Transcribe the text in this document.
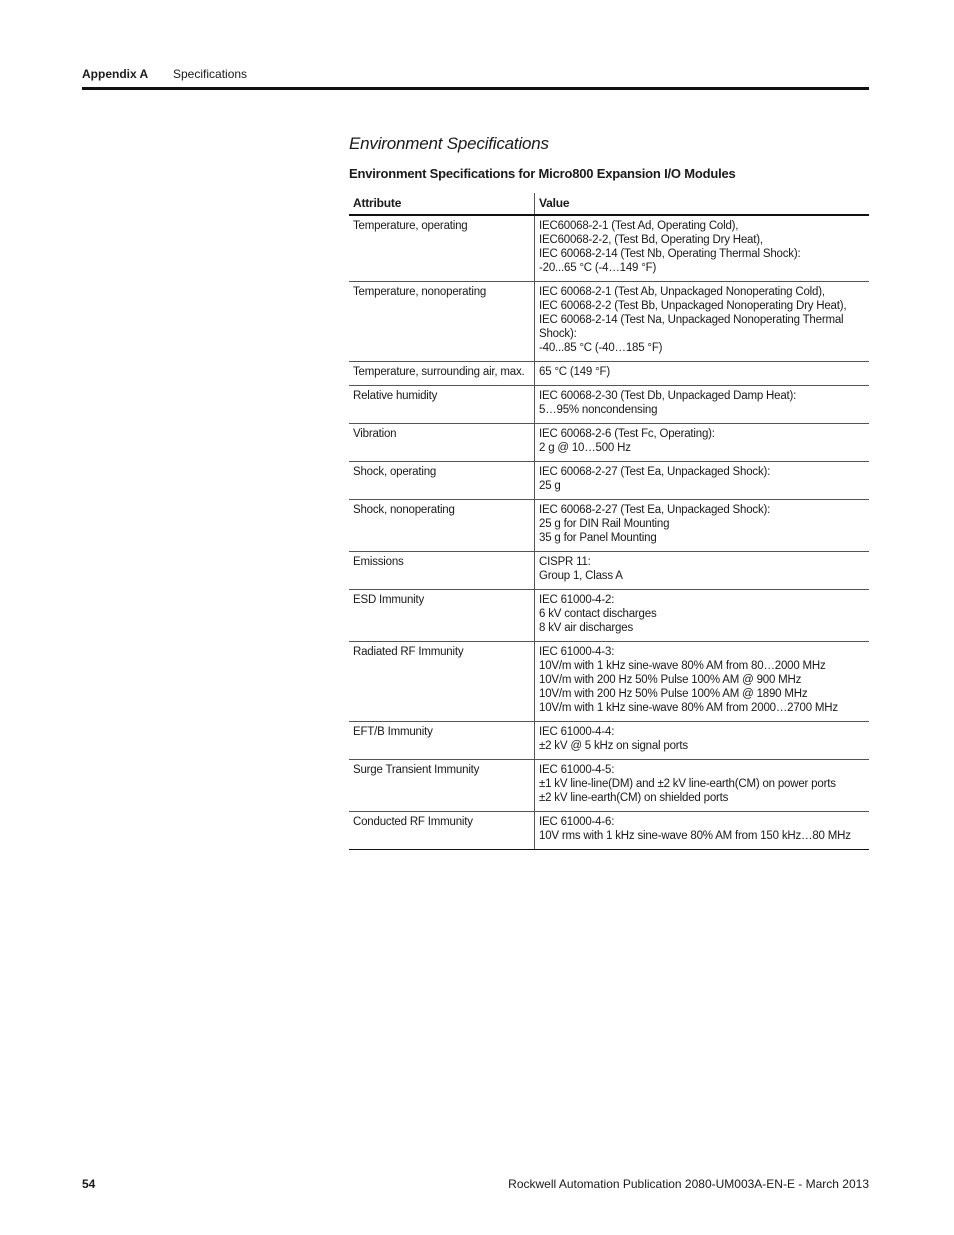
Appendix A Specifications
Environment Specifications
Environment Specifications for Micro800 Expansion I/O Modules
Attribute	Value
Temperature, operating	IEC60068-2-1 (Test Ad, Operating Cold),
IEC60068-2-2, (Test Bd, Operating Dry Heat),
IEC 60068-2-14 (Test Nb, Operating Thermal Shock):
-20...65 °C (-4…149 °F)

Temperature, nonoperating	IEC 60068-2-1 (Test Ab, Unpackaged Nonoperating Cold),
IEC 60068-2-2 (Test Bb, Unpackaged Nonoperating Dry Heat),
IEC 60068-2-14 (Test Na, Unpackaged Nonoperating Thermal Shock):
-40...85 °C (-40…185 °F)

Temperature, surrounding air, max.	65 °C (149 °F)

Relative humidity	IEC 60068-2-30 (Test Db, Unpackaged Damp Heat):
5…95% noncondensing

Vibration	IEC 60068-2-6 (Test Fc, Operating):
2 g @ 10…500 Hz

Shock, operating	IEC 60068-2-27 (Test Ea, Unpackaged Shock):
25 g

Shock, nonoperating	IEC 60068-2-27 (Test Ea, Unpackaged Shock):
25 g for DIN Rail Mounting
35 g for Panel Mounting

Emissions	CISPR 11:
Group 1, Class A

ESD Immunity	IEC 61000-4-2:
6 kV contact discharges
8 kV air discharges

Radiated RF Immunity	IEC 61000-4-3:
10V/m with 1 kHz sine-wave 80% AM from 80…2000 MHz
10V/m with 200 Hz 50% Pulse 100% AM @ 900 MHz
10V/m with 200 Hz 50% Pulse 100% AM @ 1890 MHz
10V/m with 1 kHz sine-wave 80% AM from 2000…2700 MHz

EFT/B Immunity	IEC 61000-4-4:
±2 kV @ 5 kHz on signal ports

Surge Transient Immunity	IEC 61000-4-5:
±1 kV line-line(DM) and ±2 kV line-earth(CM) on power ports
±2 kV line-earth(CM) on shielded ports

Conducted RF Immunity	IEC 61000-4-6:
10V rms with 1 kHz sine-wave 80% AM from 150 kHz…80 MHz
54	Rockwell Automation Publication 2080-UM003A-EN-E - March 2013
